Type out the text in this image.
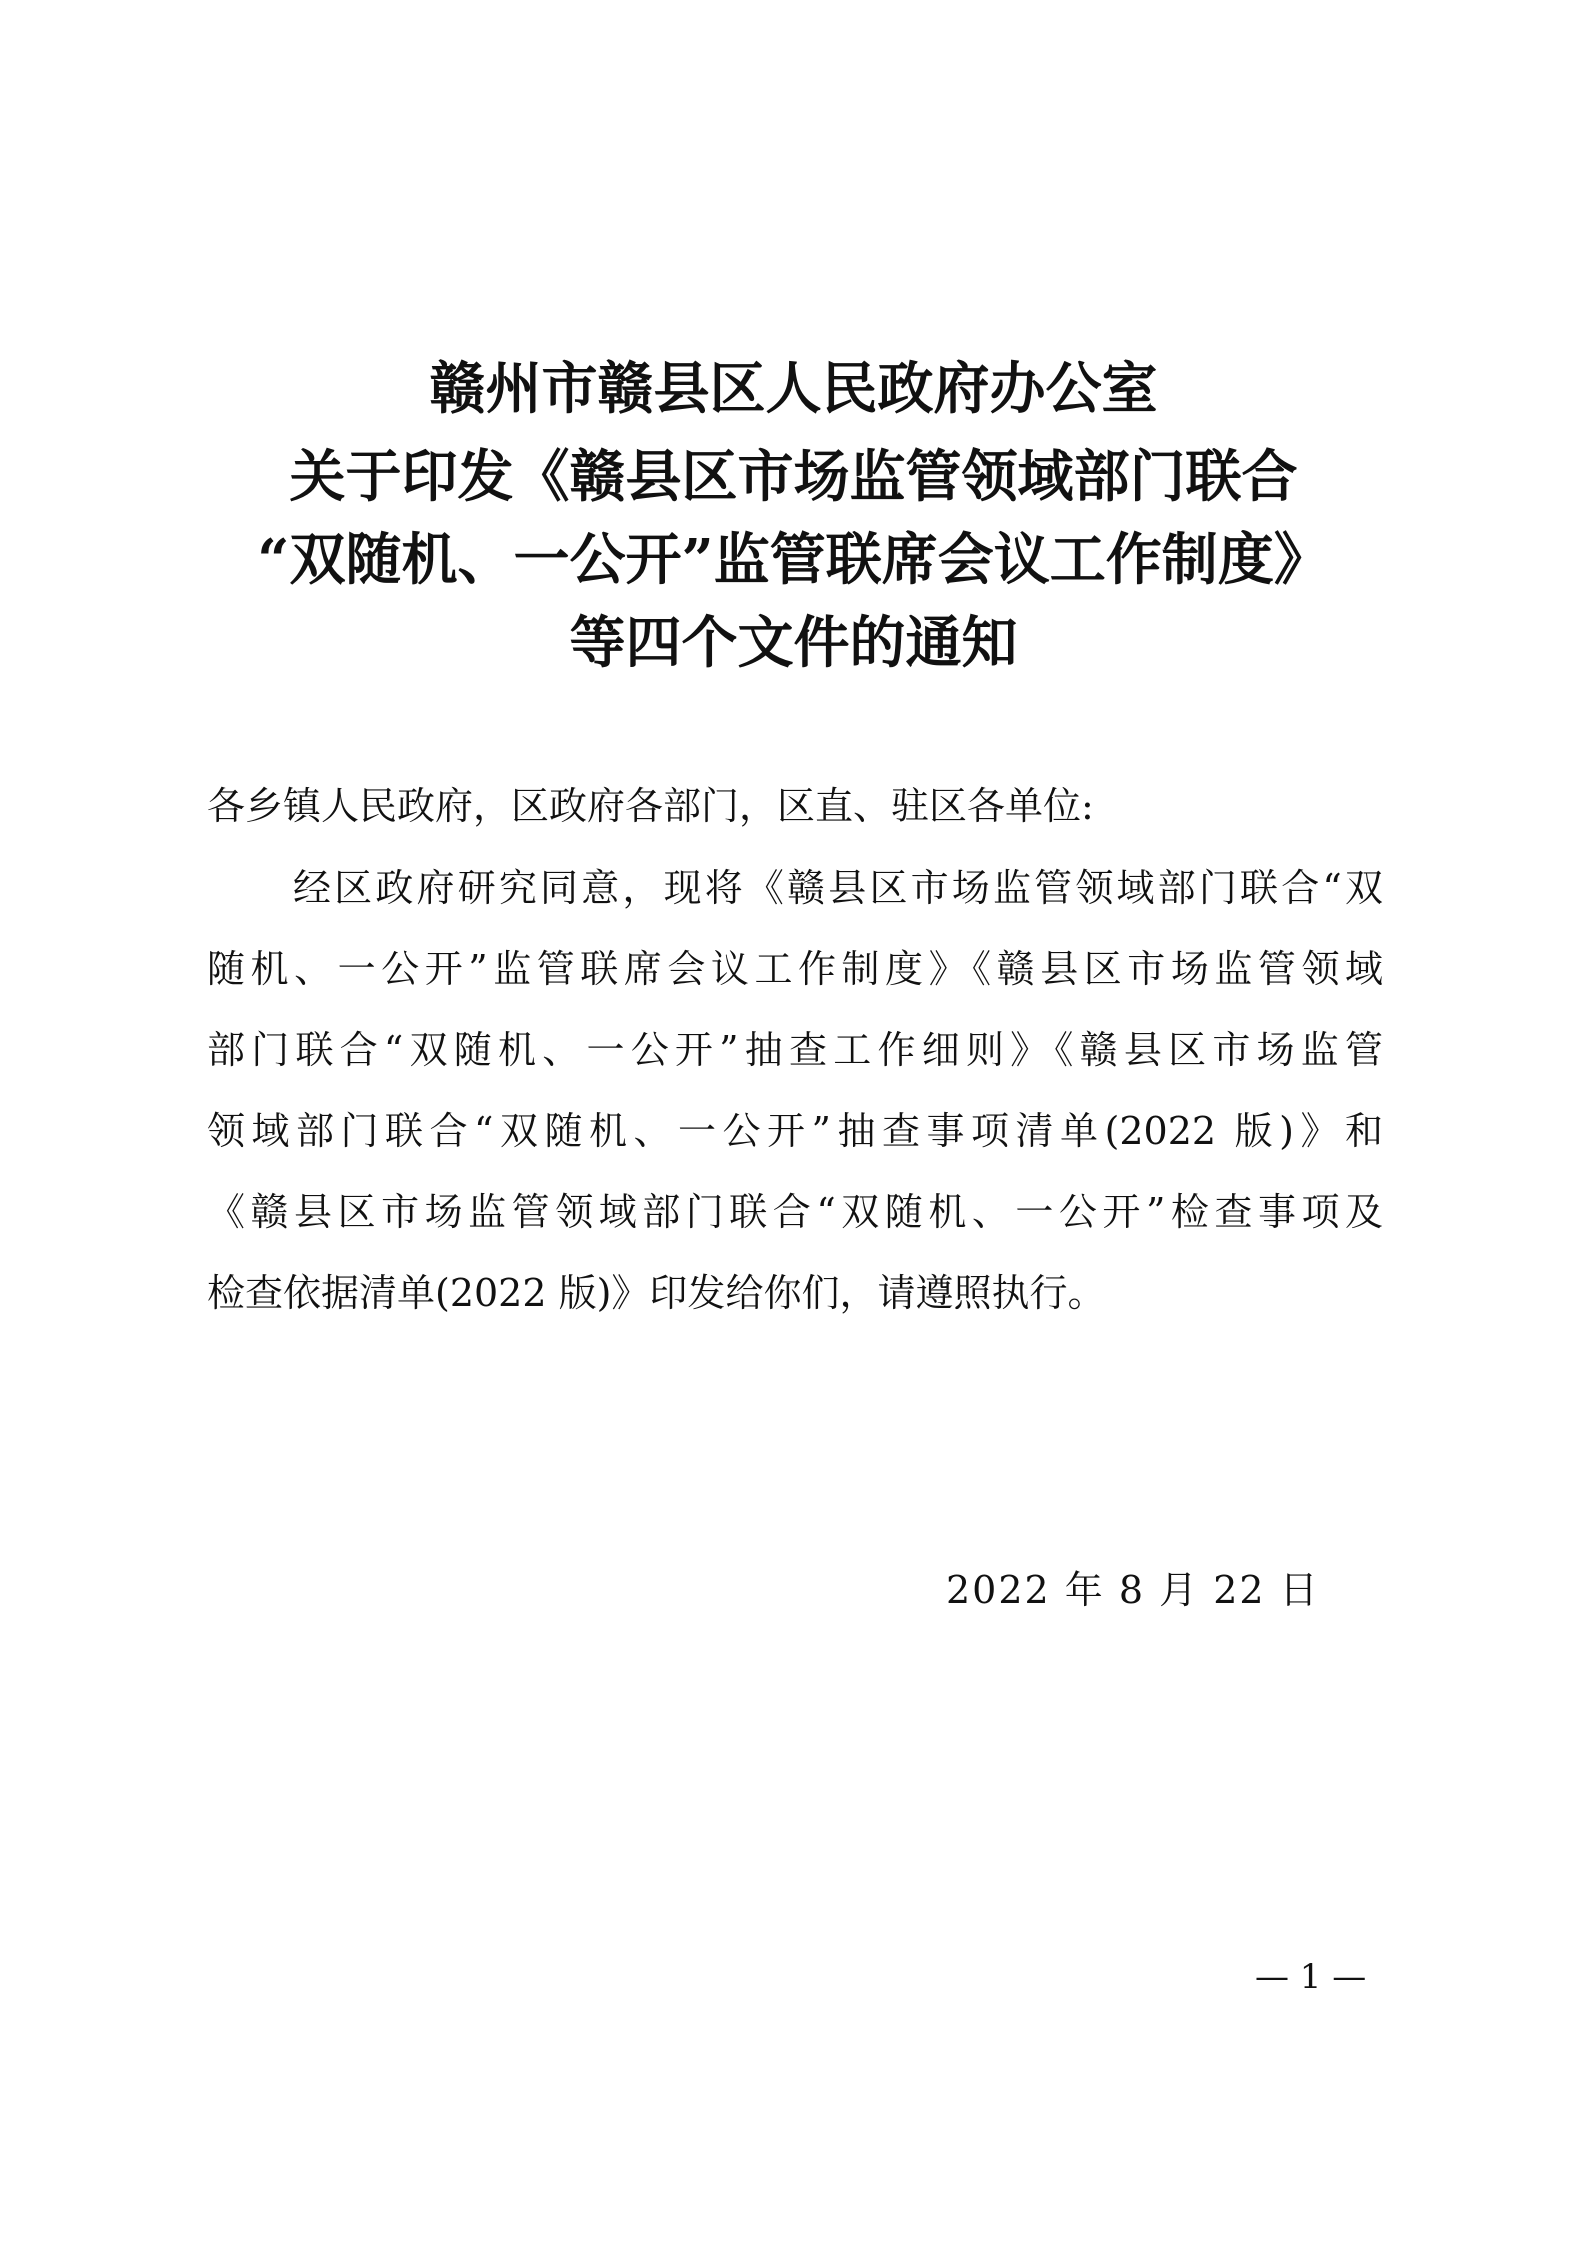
赣州市赣县区人民政府办公室
关于印发《赣县区市场监管领域部门联合
“双随机、一公开”监管联席会议工作制度》
等四个文件的通知
各乡镇人民政府，区政府各部门，区直、驻区各单位:
经区政府研究同意，现将《赣县区市场监管领域部门联合“双
随机、一公开”监管联席会议工作制度》《赣县区市场监管领域
部门联合“双随机、一公开”抽查工作细则》《赣县区市场监管
领域部门联合“双随机、一公开”抽查事项清单(2022 版)》和
《赣县区市场监管领域部门联合“双随机、一公开”检查事项及
检查依据清单(2022 版)》印发给你们，请遵照执行。
2022 年 8 月 22 日
— 1 —
